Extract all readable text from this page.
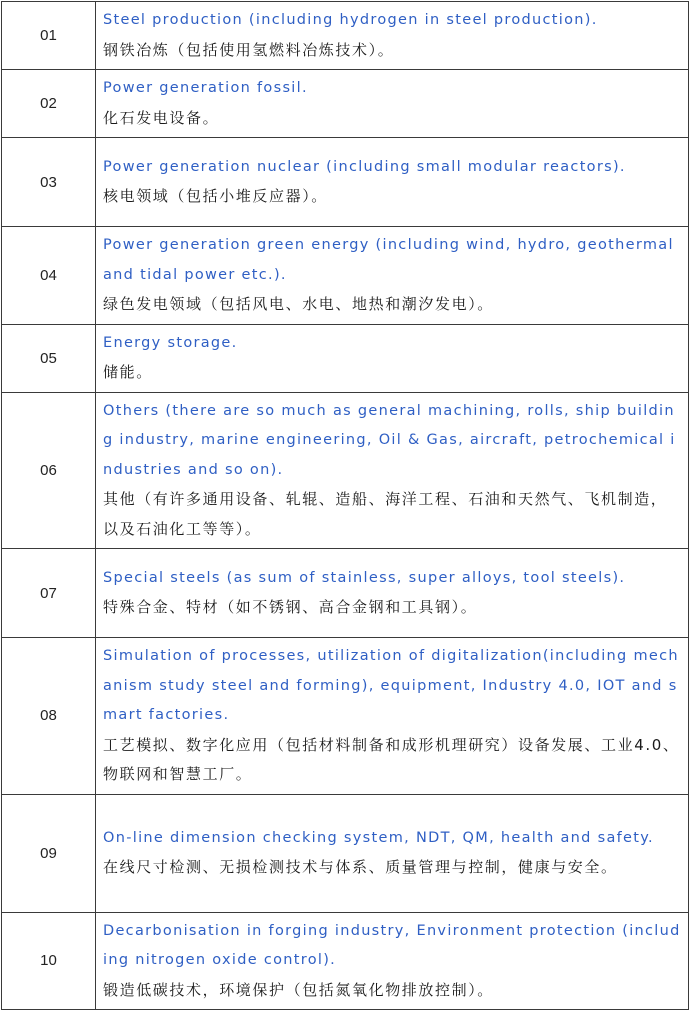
01	Steel production (including hydrogen in steel production).
钢铁冶炼（包括使用氢燃料冶炼技术）。

02	Power generation fossil.
化石发电设备。

03	Power generation nuclear (including small modular reactors).
核电领域（包括小堆反应器）。

04	Power generation green energy (including wind, hydro, geothermal and tidal power etc.).
绿色发电领域（包括风电、水电、地热和潮汐发电）。

05	Energy storage.
储能。

06	Others (there are so much as general machining, rolls, ship building industry, marine engineering, Oil & Gas, aircraft, petrochemical industries and so on).
其他（有许多通用设备、轧辊、造船、海洋工程、石油和天然气、飞机制造，以及石油化工等等）。

07	Special steels (as sum of stainless, super alloys, tool steels).
特殊合金、特材（如不锈钢、高合金钢和工具钢）。

08	Simulation of processes, utilization of digitalization(including mechanism study steel and forming), equipment, Industry 4.0, IOT and smart factories.
工艺模拟、数字化应用（包括材料制备和成形机理研究）设备发展、工业4.0、物联网和智慧工厂。

09	On-line dimension checking system, NDT, QM, health and safety.
在线尺寸检测、无损检测技术与体系、质量管理与控制，健康与安全。

10	Decarbonisation in forging industry, Environment protection (including nitrogen oxide control).
锻造低碳技术，环境保护（包括氮氧化物排放控制）。
